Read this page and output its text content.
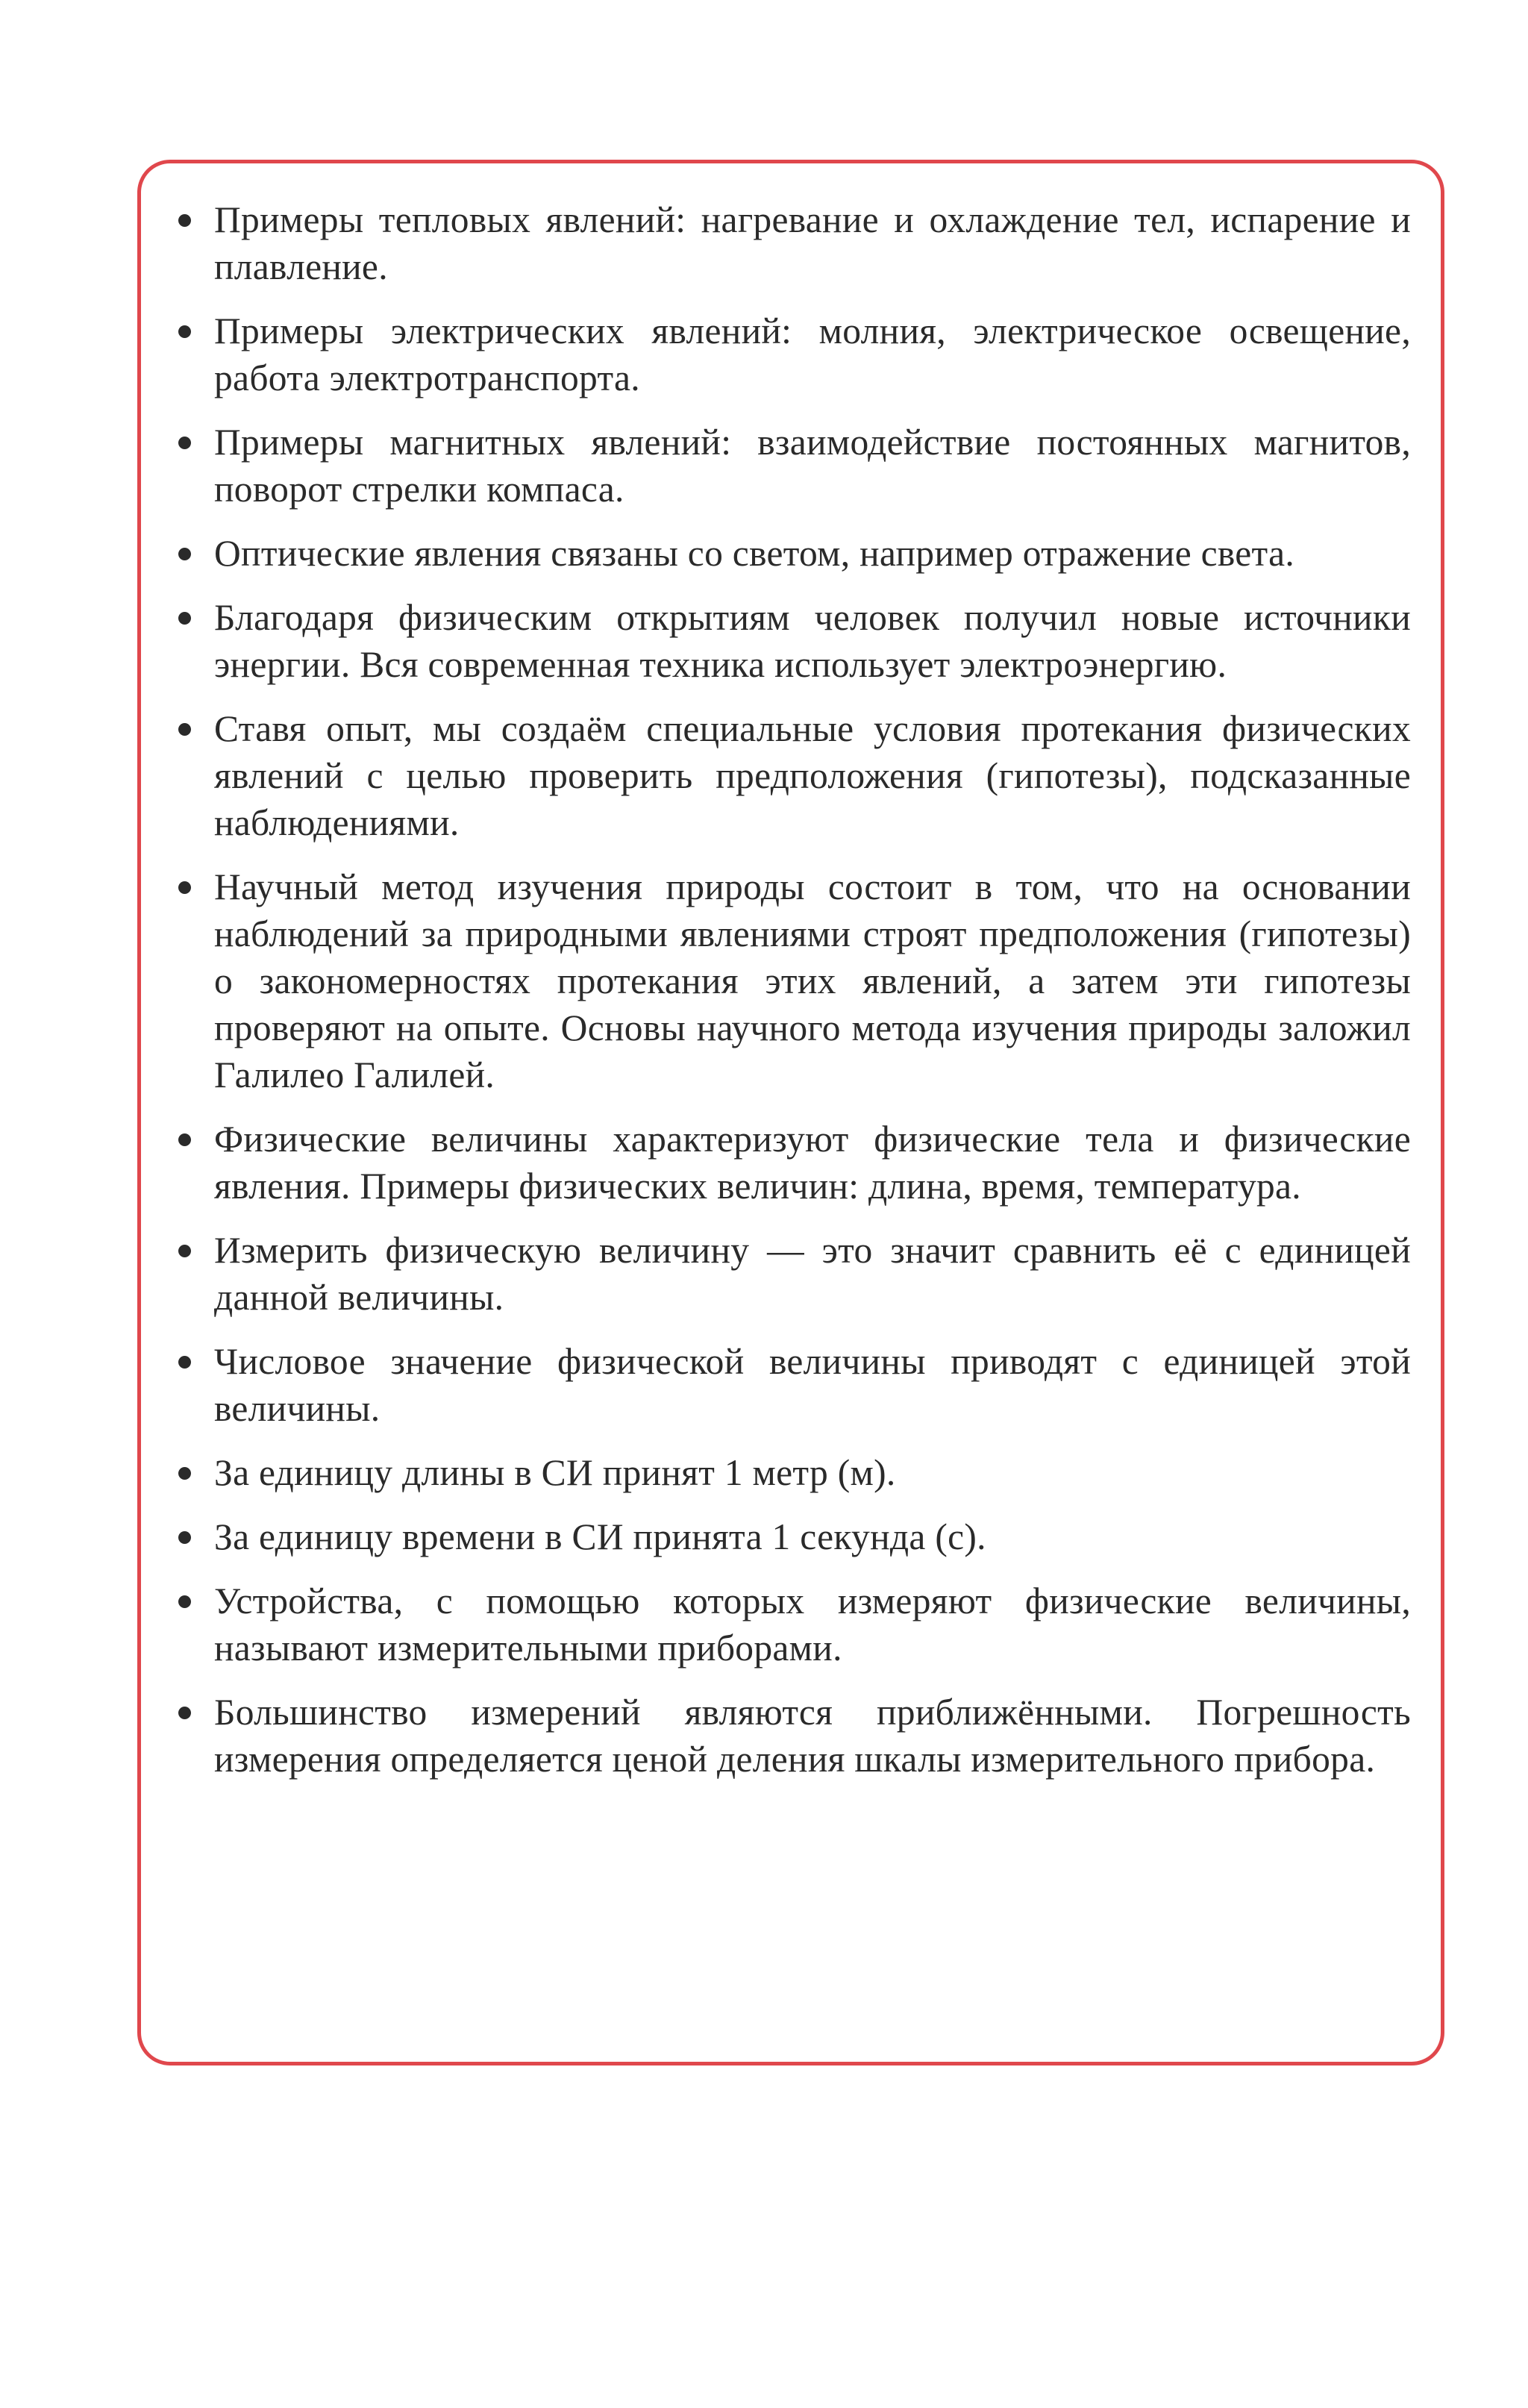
Примеры тепловых явлений: нагревание и охлаждение тел, испарение и плавление.
Примеры электрических явлений: молния, электрическое освещение, работа электротранспорта.
Примеры магнитных явлений: взаимодействие постоянных магнитов, поворот стрелки компаса.
Оптические явления связаны со светом, например отражение света.
Благодаря физическим открытиям человек получил новые источники энергии. Вся современная техника использует электроэнергию.
Ставя опыт, мы создаём специальные условия протекания физических явлений с целью проверить предположения (гипотезы), подсказанные наблюдениями.
Научный метод изучения природы состоит в том, что на основании наблюдений за природными явлениями строят предположения (гипотезы) о закономерностях протекания этих явлений, а затем эти гипотезы проверяют на опыте. Основы научного метода изучения природы заложил Галилео Галилей.
Физические величины характеризуют физические тела и физические явления. Примеры физических величин: длина, время, температура.
Измерить физическую величину — это значит сравнить её с единицей данной величины.
Числовое значение физической величины приводят с единицей этой величины.
За единицу длины в СИ принят 1 метр (м).
За единицу времени в СИ принята 1 секунда (с).
Устройства, с помощью которых измеряют физические величины, называют измерительными приборами.
Большинство измерений являются приближёнными. Погрешность измерения определяется ценой деления шкалы измерительного прибора.
